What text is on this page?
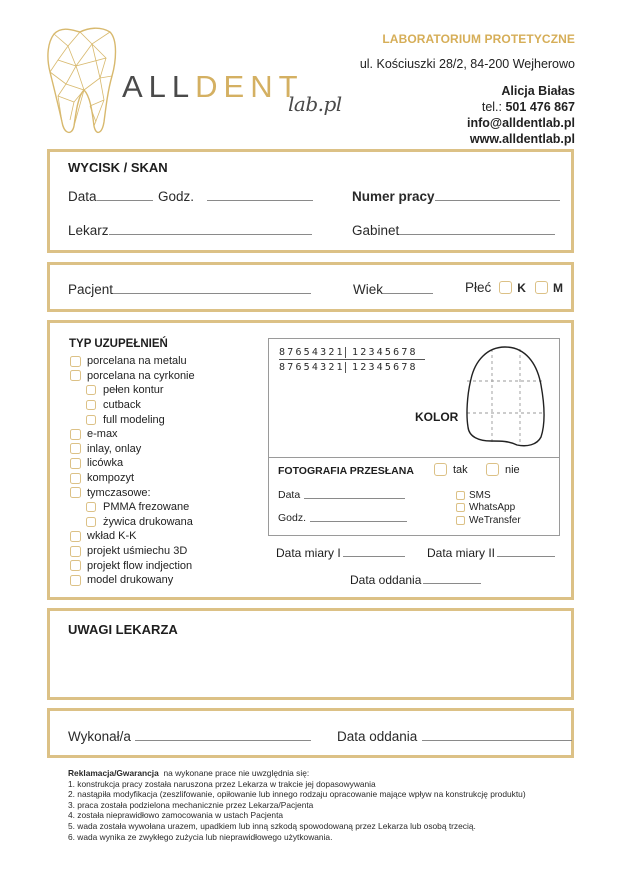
ALLDENT
lab.pl
LABORATORIUM PROTETYCZNE
ul. Kościuszki 28/2, 84-200 Wejherowo
Alicja Białas
tel.: 501 476 867
info@alldentlab.pl
www.alldentlab.pl
WYCISK / SKAN
Data	Godz.	Numer pracy
Lekarz	Gabinet
Pacjent	Wiek	Płeć K M
TYP UZUPEŁNIEŃ
porcelana na metalu
porcelana na cyrkonie
pełen kontur
cutback
full modeling
e-max
inlay, onlay
licówka
kompozyt
tymczasowe:
PMMA frezowane
żywica drukowana
wkład K-K
projekt uśmiechu 3D
projekt flow indjection
model drukowany
87654321 12345678
87654321 12345678
KOLOR
FOTOGRAFIA PRZESŁANA	tak	nie
Data
Godz.
SMS
WhatsApp
WeTransfer
Data miary I	Data miary II
Data oddania
UWAGI LEKARZA
Wykonał/a	Data oddania
Reklamacja/Gwarancja  na wykonane prace nie uwzględnia się:
1. konstrukcja pracy została naruszona przez Lekarza w trakcie jej dopasowywania
2. nastąpiła modyfikacja (zeszlifowanie, opiłowanie lub innego rodzaju opracowanie mające wpływ na konstrukcję produktu)
3. praca została podzielona mechanicznie przez Lekarza/Pacjenta
4. została nieprawidłowo zamocowania w ustach Pacjenta
5. wada została wywołana urazem, upadkiem lub inną szkodą spowodowaną przez Lekarza lub osobą trzecią.
6. wada wynika ze zwykłego zużycia lub nieprawidłowego użytkowania.
